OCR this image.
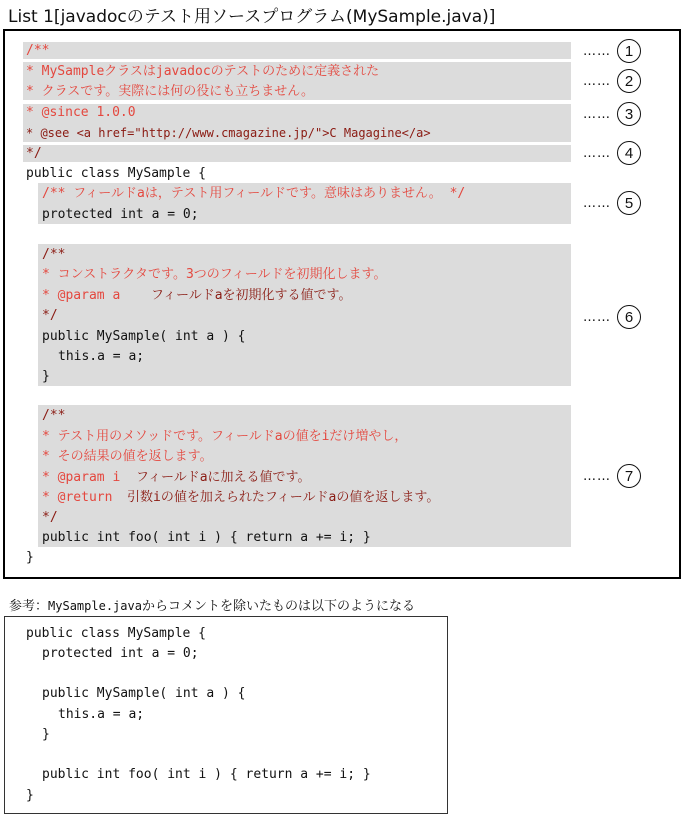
List 1[javadocのテスト用ソースプログラム(MySample.java)]
/**
* MySampleクラスはjavadocのテストのために定義された
* クラスです。実際には何の役にも立ちません。
* @since 1.0.0
* @see <a href="http://www.cmagazine.jp/">C Magagine</a>
*/
public class MySample {
/** フィールドaは，テスト用フィールドです。意味はありません。 */
protected int a = 0;
/**
* コンストラクタです。3つのフィールドを初期化します。
* @param a フィールドaを初期化する値です。
*/
public MySample( int a ) {
this.a = a;
}
/**
* テスト用のメソッドです。フィールドaの値をiだけ増やし，
* その結果の値を返します。
* @param i フィールドaに加える値です。
* @return 引数iの値を加えられたフィールドaの値を返します。
*/
public int foo( int i ) { return a += i; }
}
…… 1
…… 2
…… 3
…… 4
…… 5
…… 6
…… 7
参考：MySample.javaからコメントを除いたものは以下のようになる
public class MySample {
protected int a = 0;
public MySample( int a ) {
this.a = a;
}
public int foo( int i ) { return a += i; }
}
